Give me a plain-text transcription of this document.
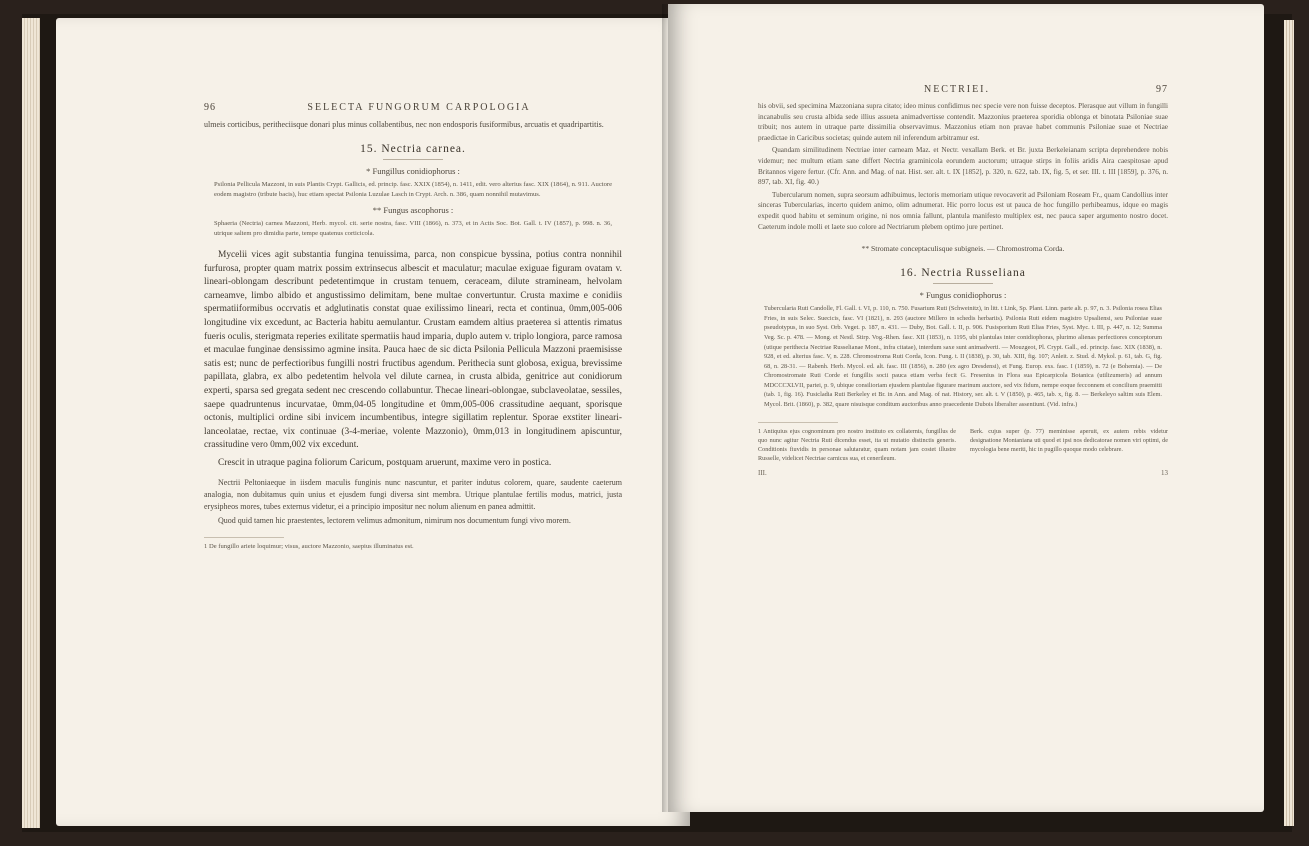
96	SELECTA FUNGORUM CARPOLOGIA

ulmeis corticibus, peritheciisque donari plus minus collabentibus, nec non endosporis fusiformibus, arcuatis et quadripartitis.

15. Nectria carnea.
* Fungillus conidiophorus :

Psilonia Pellicula Mazzoni, in suis Plantis Crypt. Gallicis, ed. princip. fasc. XXIX (1854), n. 1411, edit. vero alterius fasc. XIX (1864), n. 911. Auctore eodem magistro (tribute bacis), huc etiam spectat Psilonia Luzulae Lasch in Crypt. Arch. n. 386, quam nonnihil mutavimus.

** Fungus ascophorus :

Sphaeria (Nectria) carnea Mazzoni, Herb. mycol. cit. serie nostra, fasc. VIII (1866), n. 373, et in Actis Soc. Bot. Gall. t. IV (1857), p. 998. n. 36, utrique saltem pro dimidia parte, tempe quatenus corticicola.

Mycelii vices agit substantia fungina tenuissima, parca, non conspicue byssina, potius contra nonnihil furfurosa, propter quam matrix possim extrinsecus albescit et maculatur; maculae exiguae figuram ovatam v. lineari-oblongam describunt pedetentimque in crustam tenuem, ceraceam, dilute stramineam, helvolam carneamve, limbo albido et angustissimo delimitam, bene multae convertuntur. Crusta maxime e conidiis spermatiiformibus occrvatis et adglutinatis constat quae exilissimo lineari, recta et continua, 0mm,005-006 longitudine vix excedunt, ac Bacteria habitu aemulantur. Crustam eamdem altius praeterea si attentis rimatus fueris oculis, sterigmata reperies exilitate spermatiis haud imparia, duplo autem v. triplo longiora, parce ramosa et maculae funginae densissimo agmine insita. Pauca haec de sic dicta Psilonia Pellicula Mazzoni praemisisse satis est; nunc de perfectioribus fungilli nostri fructibus agendum. Perithecia sunt globosa, exigua, brevissime papillata, glabra, ex albo pedetentim helvola vel dilute carnea, in crusta albida, genitrice aut conidiorum experti, sparsa sed gregata sedent nec crescendo collabuntur. Thecae lineari-oblongae, subclaveolatae, sessiles, saepe quadruntenus incurvatae, 0mm,04-05 longitudine et 0mm,005-006 crassitudine aequant, sporisque octonis, multiplici ordine sibi invicem incumbentibus, integre sigillatim replentur. Sporae exstiter lineari-lanceolatae, rectae, vix continuae (3-4-meriae, volente Mazzonio), 0mm,013 in longitudinem apiscuntur, crassitudine vero 0mm,002 vix excedunt.

Crescit in utraque pagina foliorum Caricum, postquam aruerunt, maxime vero in postica.

Nectrii Peltoniaeque in iisdem maculis funginis nunc nascuntur, et pariter indutus colorem, quare, saudente caeterum analogia, non dubitamus quin unius et ejusdem fungi diversa sint membra. Utrique plantulae fertilis modus, matrici, justa erysipheos mores, tubes externus videtur, ei a principio impositur nec nolum alienum en panea admittit.

Quod quid tamen hic praestentes, lectorem velimus admonitum, nimirum nos documentum fungi vivo morem.

1 De fungillo ariete loquimur; visus, auctore Mazzonio, saepius illuminatus est.

NECTRIEI.	97

his obvii, sed specimina Mazzoniana supra citato; ideo minus confidimus nec specie vere non fuisse deceptos. Plerasque aut villum in fungilli incanabulis seu crusta albida sede illius assueta animadvertisse contendit. Mazzonius praeterea sporidia oblonga et binotata Psiloniae suae tribuit; nos autem in utraque parte dissimilia observavimus. Mazzonius etiam non pravae habet communis Psiloniae suae et Nectriae praedictae in Caricibus societas; quinde autem nil inferendum arbitramur est.

Quandam similitudinem Nectriae inter carneam Maz. et Nectr. vexallam Berk. et Br. juxta Berkeleianam scripta deprehendere nobis videmur; nec multum etiam sane differt Nectria graminicola eorundem auctorum; utraque stirps in foliis aridis Aira caespitosae apud Britannos vigere fertur. (Cfr. Ann. and Mag. of nat. Hist. ser. alt. t. IX [1852], p. 320, n. 622, tab. IX, fig. 5, et ser. III. t. III [1859], p. 376, n. 897, tab. XI, fig. 40.)

Tubercularum nomen, supra seorsum adhibuimus, lectoris memoriam utique revocaverit ad Psiloniam Roseam Fr., quam Candollius inter sinceras Tubercularias, incerto quidem animo, olim adnumerat. Hic porro locus est ut pauca de hoc fungillo perhibeamus, idque eo magis expedit quod habitu et seminum origine, ni nos omnia fallunt, plantula manifesto multiplex est, nec pauca saper argumento nostro docet. Caeterum indole molli et laete suo colore ad Nectriarum plebem optimo jure pertinet.

** Stromate conceptaculisque subigneis. — Chromostroma Corda.
16. Nectria Russeliana
* Fungus conidiophorus :

Tubercularia Ruti Candolle, Fl. Gall. t. VI, p. 110, n. 750. Fusarium Ruti (Schweinitz), in litt. t Link, Sp. Plant. Linn. parte alt. p. 97, n. 3. Psilonia rosea Elias Fries, in suis Selec. Suecicis, fasc. VI (1821), n. 293 (auctore Millero in schedis herbariis). Psilonia Ruti eidem magistro Upsaliensi, seu Psiloniae suae pseudotypus, in suo Syst. Orb. Veget. p. 187, n. 431. — Duby, Bot. Gall. t. II, p. 906. Fusisporium Ruti Elias Fries, Syst. Myc. t. III, p. 447, n. 12; Summa Veg. Sc. p. 478. — Mong. et Nestl. Stirp. Vog.-Rhen. fasc. XII (1853), n. 1195, ubi plantulas inter conidiophoras, plurimo alienas perfectiores conceptorum (utique perithecia Nectriae Russelianae Mont., infra citatae), interdum saxe sunt animadverti. — Mouzgeot, Pl. Crypt. Gall., ed. princip. fasc. XIX (1838), n. 928, et ed. alterius fasc. V, n. 228. Chromostroma Ruti Corda, Icon. Fung. t. II (1838), p. 30, tab. XIII, fig. 107; Anleit. z. Stud. d. Mykol. p. 61, tab. G, fig. 68, n. 28-31. — Rabenh. Herb. Mycol. ed. alt. fasc. III (1856), n. 280 (ex agro Dresdensi), et Fung. Europ. exs. fasc. I (1859), n. 72 (e Bohemia). — De Chromostromate Ruti Corde et fungillis socii pauca etiam verba fecit G. Fresenius in Flora sua Epicarpicola Botanica (utilizumeris) ad annum MDCCCXLVII, partei, p. 9, ubique consilioriam ejusdem plantulae figurare marinum auctore, sed vix fidum, nempe eoque fecconnem et concilium praemitti (tab. 1, fig. 16). Fusicladia Ruti Berkeley et Br. in Ann. and Mag. of nat. History, ser. alt. t. V (1850), p. 465, tab. x, fig. 8. — Berkeleyo saltim suis Elem. Mycol. Brit. (1860), p. 382, quare nisuisque conditum auctoribus anno praecedente Dubois liberalter assentiunt. (Vid. infra.)

1 Antiquius ejus cognominum pro nostro instituto ex collaternis, fungillus de quo nunc agitur Nectria Ruti dicendus esset, ita ut mutatio distinctis generis. Conditionis fiuvidis in personae salutaratur, quam notam jam costet illustre Russelle, videlicet Nectriae carnicus sua, et cenerileum.

Berk. cujus super (p. 77) meminisse aperuit, ex autem rebis videtur designatione Montaniana uti quod et ipsi nos dedicatorae nomen viri optimi, de mycologia bene meriti, hic in pugillo quoque modo celebrare.

III.	13
